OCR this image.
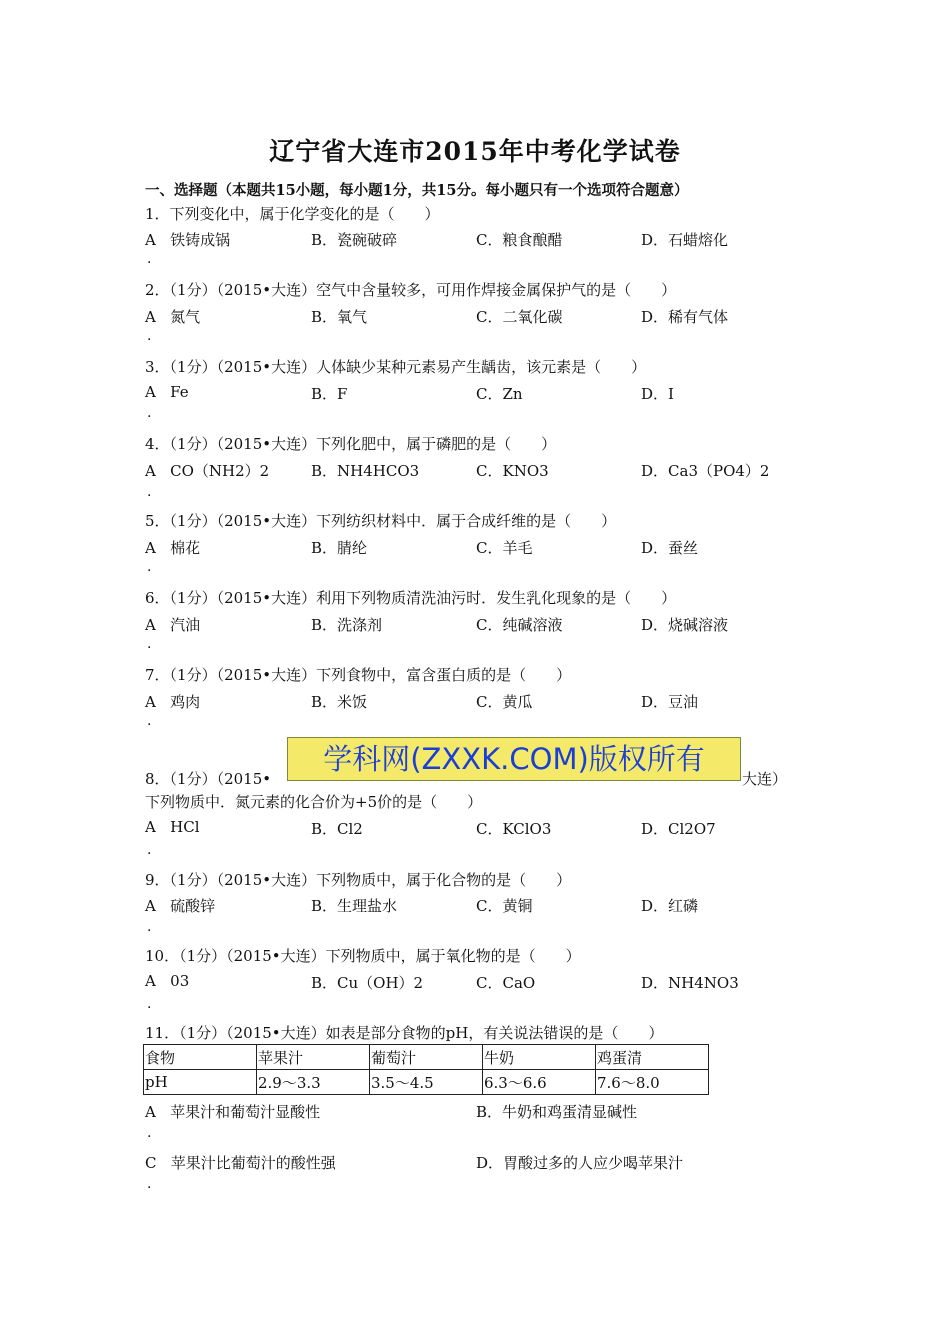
辽宁省大连市2015年中考化学试卷
一、选择题（本题共15小题，每小题1分，共15分。每小题只有一个选项符合题意）
1．下列变化中，属于化学变化的是（　　）
A 铁铸成锅	B．瓷碗破碎	C．粮食酿醋	D．石蜡熔化
.
2．（1分）（2015•大连）空气中含量较多，可用作焊接金属保护气的是（　　）
A 氮气	B．氧气	C．二氧化碳	D．稀有气体
.
3．（1分）（2015•大连）人体缺少某种元素易产生龋齿，该元素是（　　）
A Fe	B．F	C．Zn	D．I
.
4．（1分）（2015•大连）下列化肥中，属于磷肥的是（　　）
A CO（NH2）2	B．NH4HCO3	C．KNO3	D．Ca3（PO4）2
.
5．（1分）（2015•大连）下列纺织材料中．属于合成纤维的是（　　）
A 棉花	B．腈纶	C．羊毛	D．蚕丝
.
6．（1分）（2015•大连）利用下列物质清洗油污时．发生乳化现象的是（　　）
A 汽油	B．洗涤剂	C．纯碱溶液	D．烧碱溶液
.
7．（1分）（2015•大连）下列食物中，富含蛋白质的是（　　）
A 鸡肉	B．米饭	C．黄瓜	D．豆油
.
8．（1分）（2015•	大连）
下列物质中．氮元素的化合价为+5价的是（　　）
A HCl	B．Cl2	C．KClO3	D．Cl2O7
.
学科网(ZXXK.COM)版权所有
9．（1分）（2015•大连）下列物质中，属于化合物的是（　　）
A 硫酸锌	B．生理盐水	C．黄铜	D．红磷
.
10．（1分）（2015•大连）下列物质中，属于氧化物的是（　　）
A 03	B．Cu（OH）2	C．CaO	D．NH4NO3
.
11．（1分）（2015•大连）如表是部分食物的pH，有关说法错误的是（　　）
食物	苹果汁	葡萄汁	牛奶	鸡蛋清
pH	2.9～3.3	3.5～4.5	6.3～6.6	7.6～8.0
A 苹果汁和葡萄汁显酸性	B．牛奶和鸡蛋清显碱性
.
C 苹果汁比葡萄汁的酸性强	D．胃酸过多的人应少喝苹果汁
.
